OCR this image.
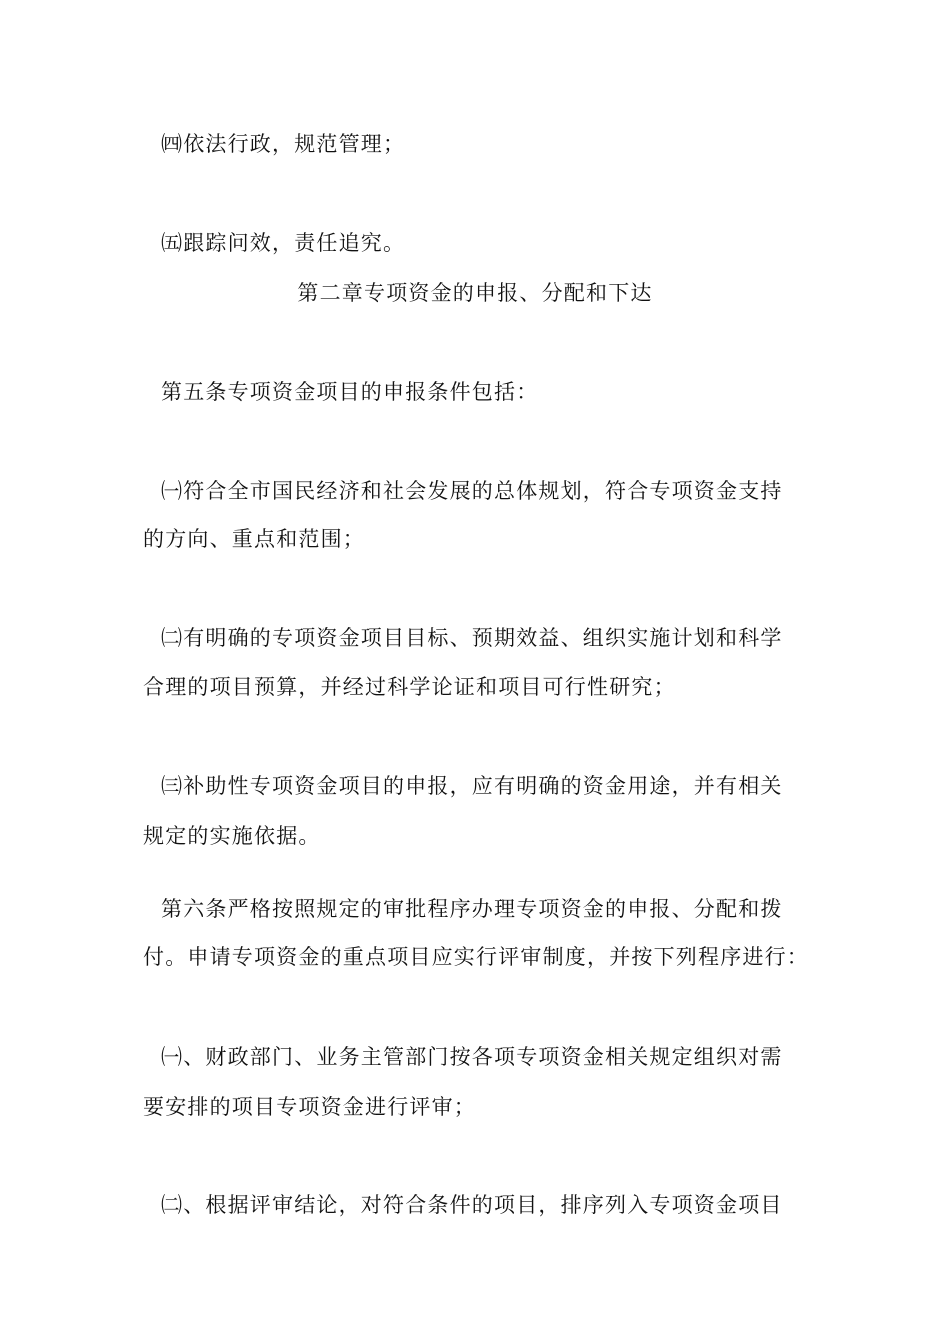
㈣依法行政，规范管理；
㈤跟踪问效，责任追究。
第二章专项资金的申报、分配和下达
第五条专项资金项目的申报条件包括：
㈠符合全市国民经济和社会发展的总体规划，符合专项资金支持
的方向、重点和范围；
㈡有明确的专项资金项目目标、预期效益、组织实施计划和科学
合理的项目预算，并经过科学论证和项目可行性研究；
㈢补助性专项资金项目的申报，应有明确的资金用途，并有相关
规定的实施依据。
第六条严格按照规定的审批程序办理专项资金的申报、分配和拨
付。申请专项资金的重点项目应实行评审制度，并按下列程序进行：
㈠、财政部门、业务主管部门按各项专项资金相关规定组织对需
要安排的项目专项资金进行评审；
㈡、根据评审结论，对符合条件的项目，排序列入专项资金项目
